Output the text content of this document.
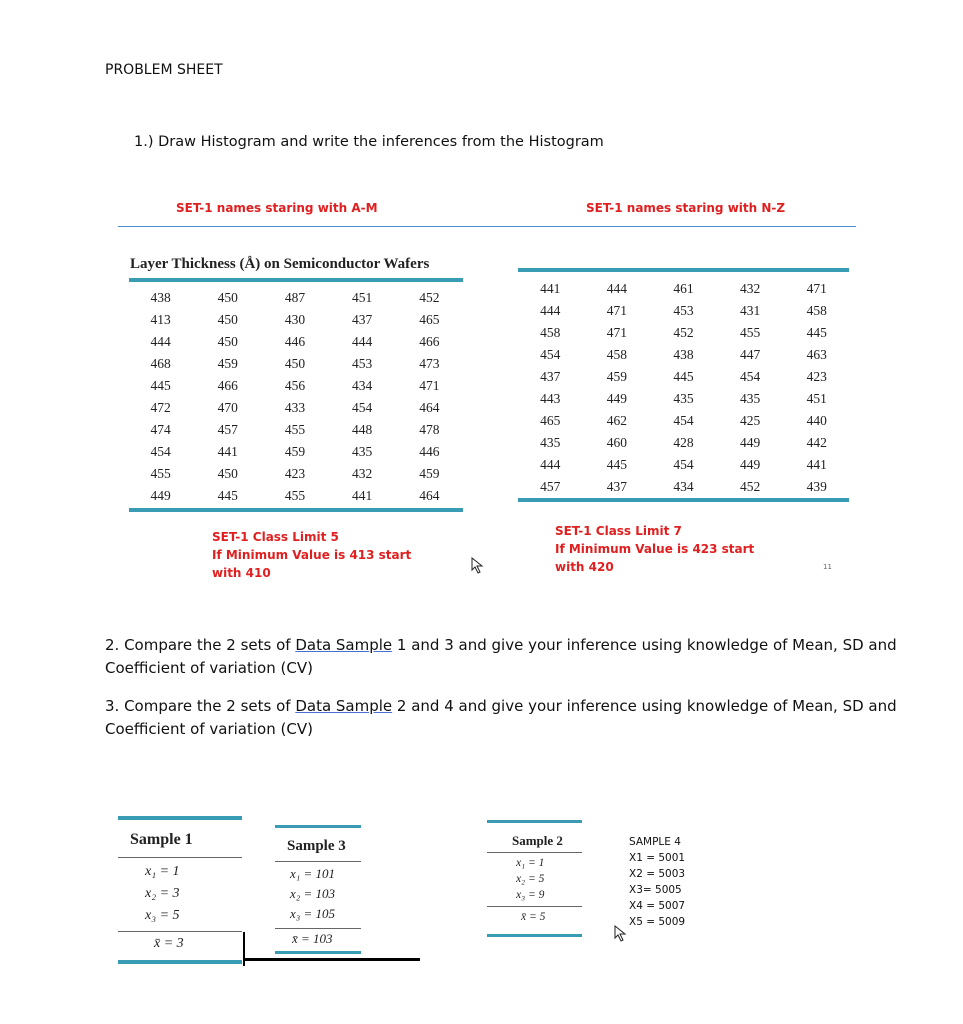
PROBLEM SHEET
1.) Draw Histogram and write the inferences from the Histogram
SET-1 names staring with A-M	SET-1 names staring with N-Z
Layer Thickness (Å) on Semiconductor Wafers
438	450	487	451	452
413	450	430	437	465
444	450	446	444	466
468	459	450	453	473
445	466	456	434	471
472	470	433	454	464
474	457	455	448	478
454	441	459	435	446
455	450	423	432	459
449	445	455	441	464
441	444	461	432	471
444	471	453	431	458
458	471	452	455	445
454	458	438	447	463
437	459	445	454	423
443	449	435	435	451
465	462	454	425	440
435	460	428	449	442
444	445	454	449	441
457	437	434	452	439
SET-1 Class Limit 5
If Minimum Value is 413 start
with 410
SET-1 Class Limit 7
If Minimum Value is 423 start
with 420	11
2. Compare the 2 sets of Data Sample 1 and 3 and give your inference using knowledge of Mean, SD and
Coefficient of variation (CV)
3. Compare the 2 sets of Data Sample 2 and 4 and give your inference using knowledge of Mean, SD and
Coefficient of variation (CV)
Sample 1
x₁ = 1
x₂ = 3
x₃ = 5
x̄ = 3
Sample 3
x₁ = 101
x₂ = 103
x₃ = 105
x̄ = 103
Sample 2
x₁ = 1
x₂ = 5
x₃ = 9
x̄ = 5
SAMPLE 4
X1 = 5001
X2 = 5003
X3= 5005
X4 = 5007
X5 = 5009
